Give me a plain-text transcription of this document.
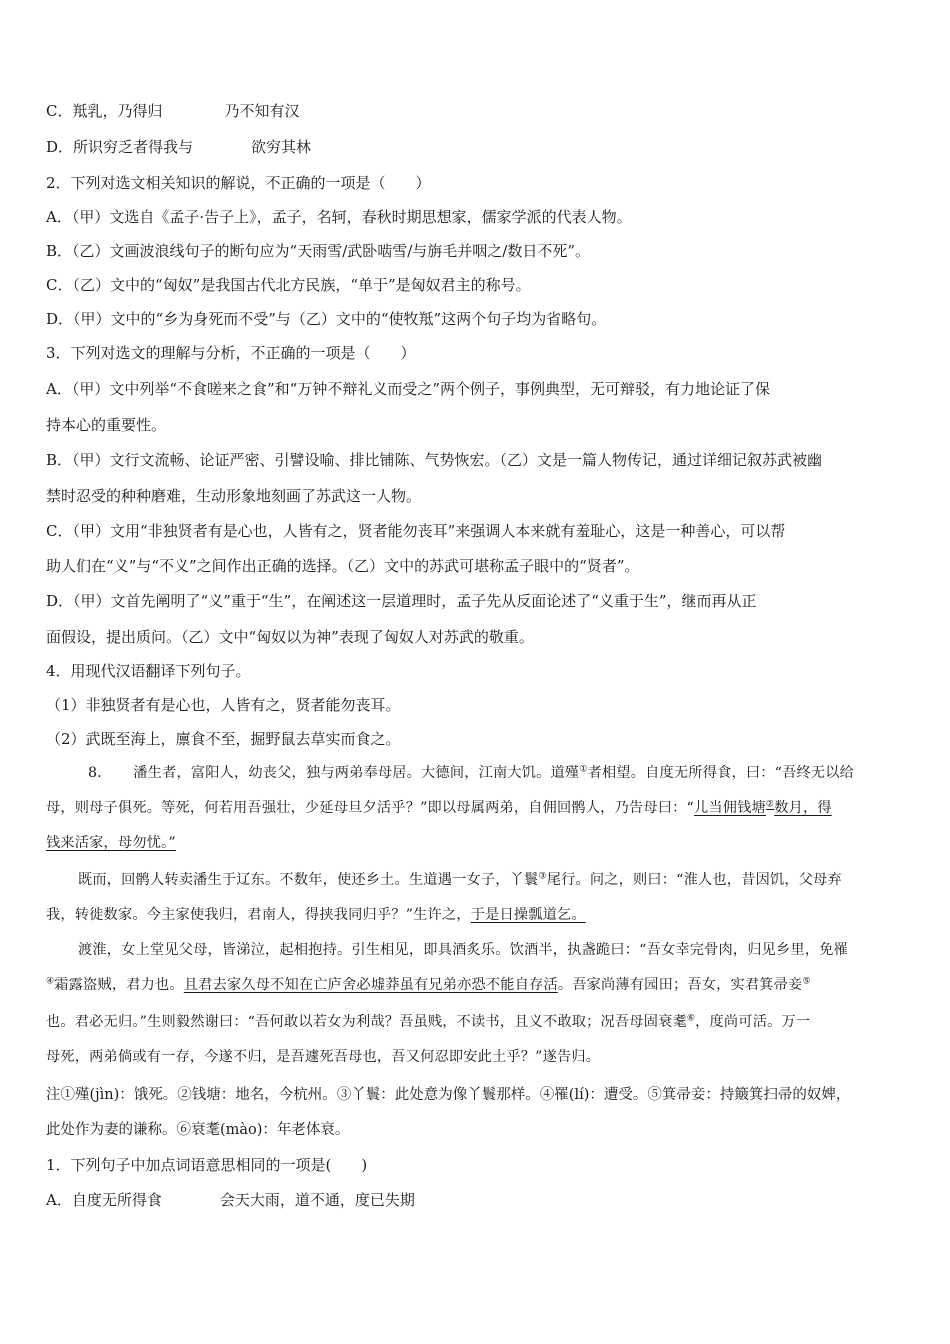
C．羝乳，乃得归	乃不知有汉
D．所识穷乏者得我与	欲穷其林
2．下列对选文相关知识的解说，不正确的一项是（　　）
A．（甲）文选自《孟子·告子上》，孟子，名轲，春秋时期思想家，儒家学派的代表人物。
B．（乙）文画波浪线句子的断句应为“天雨雪/武卧啮雪/与旃毛并咽之/数日不死”。
C．（乙）文中的“匈奴”是我国古代北方民族，“单于”是匈奴君主的称号。
D．（甲）文中的“乡为身死而不受”与（乙）文中的“使牧羝”这两个句子均为省略句。
3．下列对选文的理解与分析，不正确的一项是（　　）
A．（甲）文中列举“不食嗟来之食”和“万钟不辩礼义而受之”两个例子，事例典型，无可辩驳，有力地论证了保
持本心的重要性。
B．（甲）文行文流畅、论证严密、引譬设喻、排比铺陈、气势恢宏。（乙）文是一篇人物传记，通过详细记叙苏武被幽
禁时忍受的种种磨难，生动形象地刻画了苏武这一人物。
C．（甲）文用“非独贤者有是心也，人皆有之，贤者能勿丧耳”来强调人本来就有羞耻心，这是一种善心，可以帮
助人们在“义”与“不义”之间作出正确的选择。（乙）文中的苏武可堪称孟子眼中的“贤者”。
D．（甲）文首先阐明了“义”重于“生”，在阐述这一层道理时，孟子先从反面论述了“义重于生”，继而再从正
面假设，提出质问。（乙）文中“匈奴以为神”表现了匈奴人对苏武的敬重。
4．用现代汉语翻译下列句子。
（1）非独贤者有是心也，人皆有之，贤者能勿丧耳。
（2）武既至海上，廪食不至，掘野鼠去草实而食之。
8．　　潘生者，富阳人，幼丧父，独与两弟奉母居。大德间，江南大饥。道殣①者相望。自度无所得食，曰：“吾终无以给
母，则母子俱死。等死，何若用吾强壮，少延母旦夕活乎？”即以母属两弟，自佣回鹘人，乃告母曰：“儿当佣钱塘②数月，得
钱来活家，母勿忧。”
既而，回鹘人转卖潘生于辽东。不数年，使还乡土。生道遇一女子，丫鬟③尾行。问之，则曰：“淮人也，昔因饥，父母弃
我，转徙数家。今主家使我归，君南人，得挟我同归乎？”生许之，于是日操瓢道乞。
渡淮，女上堂见父母，皆涕泣，起相抱持。引生相见，即具酒炙乐。饮酒半，执盏跪曰：“吾女幸完骨肉，归见乡里，免罹
④霜露盗贼，君力也。且君去家久母不知在亡庐舍必墟莽虽有兄弟亦恐不能自存活。吾家尚薄有园田；吾女，实君箕帚妾⑤
也。君必无归。”生则毅然谢曰：“吾何敢以若女为利哉？吾虽贱，不读书，且义不敢取；况吾母固衰耄⑥，度尚可活。万一
母死，两弟倘或有一存，今遂不归，是吾遽死吾母也，吾又何忍即安此土乎？”遂告归。
注①殣(jìn)：饿死。②钱塘：地名，今杭州。③丫鬟：此处意为像丫鬟那样。④罹(lí)：遭受。⑤箕帚妾：持簸箕扫帚的奴婢，
此处作为妻的谦称。⑥衰耄(mào)：年老体衰。
1．下列句子中加点词语意思相同的一项是(　　)
A．自度无所得食	会天大雨，道不通，度已失期
